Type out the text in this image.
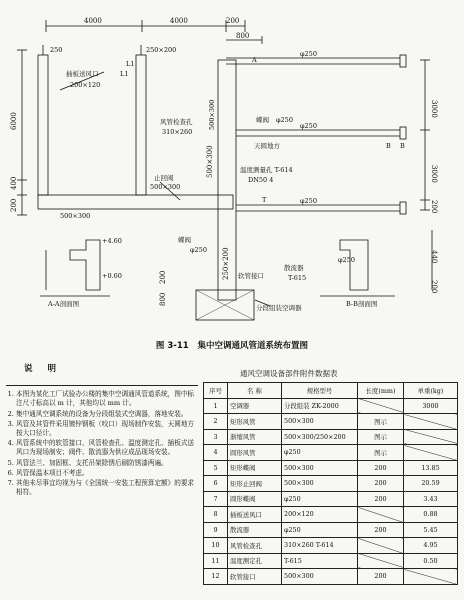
4000	4000	200
800
3000
3000
200
440
200
6000
400
200
500×300
250×200
200
800
250	250×200
插板送风口	L1
200×120
500×300
风管检查孔
310×260
蝶阀 φ250
φ250
φ250
φ250
天圆地方
温度测量孔 T-614
DN50 4
止回阀
500×300
500×300
蝶阀
软管接口
散流器
φ250
T-615
分段组装空调器
B B
+4.60
+0.60
A-A剖面图	B-B剖面图
φ250
A
T
L1
图 3-11 集中空调通风管道系统布置图
说 明
1. 本图为某化工厂试验办公楼的集中空调通风管道系统，图中标注尺寸标高以 m 计，其他均以 mm 计。
2. 集中通风空调系统的设备为分段组装式空调器，落地安装。
3. 风管及其管件采用镀锌钢板（咬口）现场制作安装，天圆地方按大口径计。
4. 风管系统中的软管接口、风管检查孔、温度测定孔、插板式送风口为现场制安；阀件、散流器为供应成品现场安装。
5. 风管法兰、加固框、支托吊架除锈后刷防锈漆两遍。
6. 风管保温本项目不考虑。
7. 其他未尽事宜均视为与《全国统一安装工程预算定额》的要求相符。
通风空调设备部件附件数据表
序号	名 称	规格型号	长度(mm)	单重(kg)
1	空调器	分段组装 ZK-2000		3000
2	矩形风管	500×300	图示	
3	渐缩风管	500×300/250×200	图示	
4	圆形风管	φ250	图示	
5	矩形蝶阀	500×300	200	13.85
6	矩形止回阀	500×300	200	20.59
7	圆形蝶阀	φ250	200	3.43
8	插板送风口	200×120		0.88
9	散流器	φ250	200	5.45
10	风管检查孔	310×260 T-614		4.95
11	温度测定孔	T-615		0.50
12	软管接口	500×300	200	
